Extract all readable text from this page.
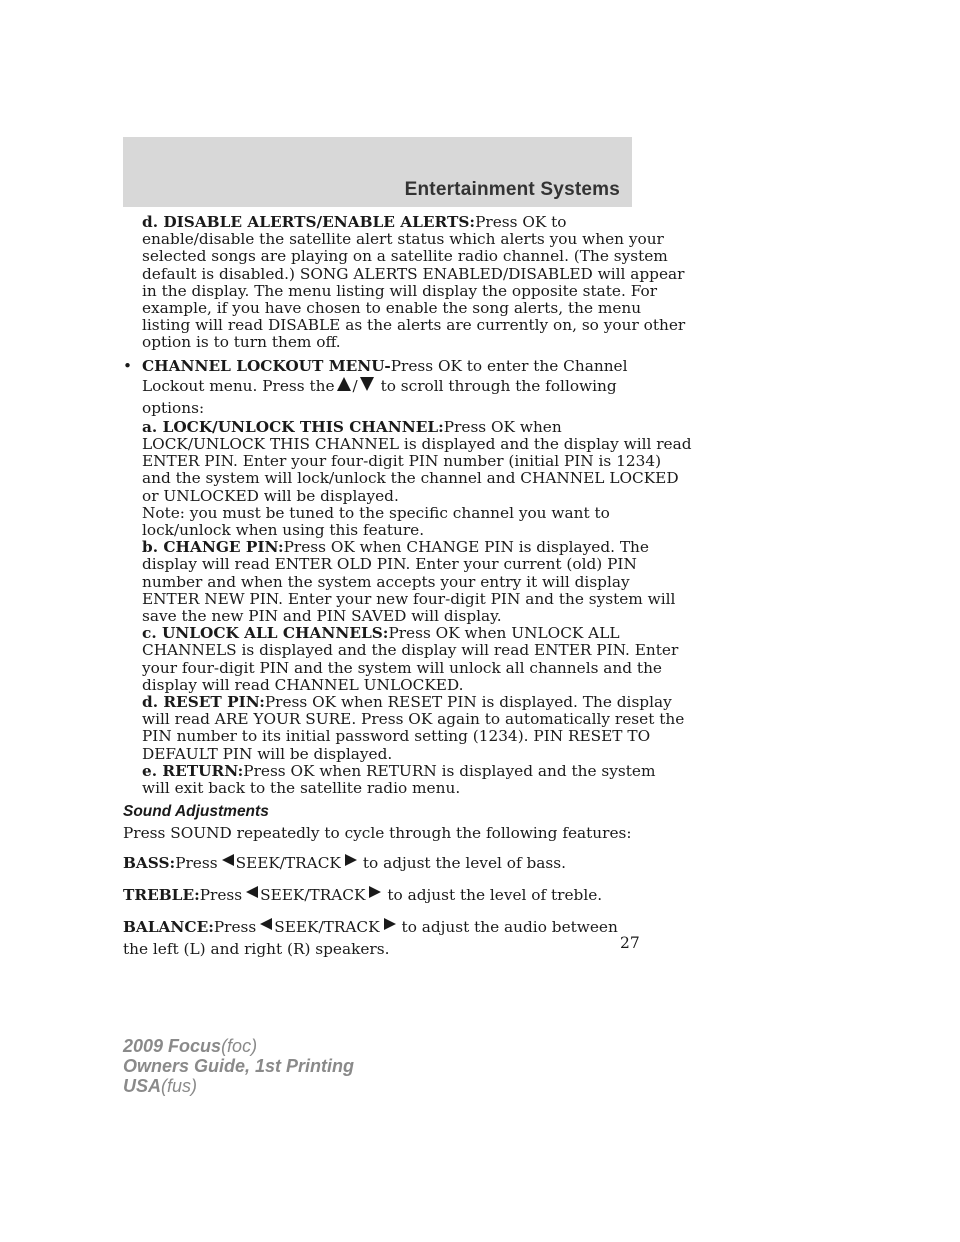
Entertainment Systems
d. DISABLE ALERTS/ENABLE ALERTS:Press OK to
enable/disable the satellite alert status which alerts you when your
selected songs are playing on a satellite radio channel. (The system
default is disabled.) SONG ALERTS ENABLED/DISABLED will appear
in the display. The menu listing will display the opposite state. For
example, if you have chosen to enable the song alerts, the menu
listing will read DISABLE as the alerts are currently on, so your other
option is to turn them off.
• CHANNEL LOCKOUT MENU-Press OK to enter the Channel
Lockout menu. Press the / to scroll through the following
options:
a. LOCK/UNLOCK THIS CHANNEL:Press OK when
LOCK/UNLOCK THIS CHANNEL is displayed and the display will read
ENTER PIN. Enter your four-digit PIN number (initial PIN is 1234)
and the system will lock/unlock the channel and CHANNEL LOCKED
or UNLOCKED will be displayed.
Note: you must be tuned to the specific channel you want to
lock/unlock when using this feature.
b. CHANGE PIN:Press OK when CHANGE PIN is displayed. The
display will read ENTER OLD PIN. Enter your current (old) PIN
number and when the system accepts your entry it will display
ENTER NEW PIN. Enter your new four-digit PIN and the system will
save the new PIN and PIN SAVED will display.
c. UNLOCK ALL CHANNELS:Press OK when UNLOCK ALL
CHANNELS is displayed and the display will read ENTER PIN. Enter
your four-digit PIN and the system will unlock all channels and the
display will read CHANNEL UNLOCKED.
d. RESET PIN:Press OK when RESET PIN is displayed. The display
will read ARE YOUR SURE. Press OK again to automatically reset the
PIN number to its initial password setting (1234). PIN RESET TO
DEFAULT PIN will be displayed.
e. RETURN:Press OK when RETURN is displayed and the system
will exit back to the satellite radio menu.
Sound Adjustments
Press SOUND repeatedly to cycle through the following features:
BASS:Press SEEK/TRACK to adjust the level of bass.
TREBLE:Press SEEK/TRACK to adjust the level of treble.
BALANCE:Press SEEK/TRACK to adjust the audio between
the left (L) and right (R) speakers.	27
2009 Focus(foc)
Owners Guide, 1st Printing
USA(fus)
